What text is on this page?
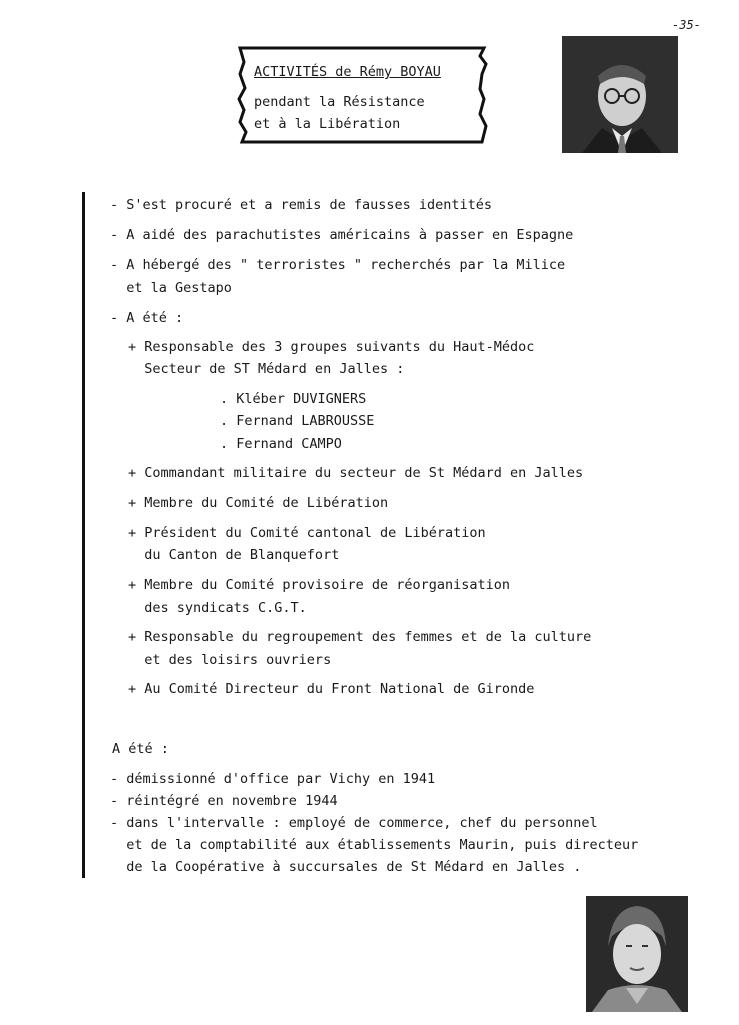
-35-
ACTIVITÉS de Rémy BOYAU
pendant la Résistance
et à la Libération
- S'est procuré et a remis de fausses identités
- A aidé des parachutistes américains à passer en Espagne
- A hébergé des " terroristes " recherchés par la Milice
et la Gestapo
- A été :
+ Responsable des 3 groupes suivants du Haut-Médoc
Secteur de ST Médard en Jalles :
. Kléber DUVIGNERS
. Fernand LABROUSSE
. Fernand CAMPO
+ Commandant militaire du secteur de St Médard en Jalles
+ Membre du Comité de Libération
+ Président du Comité cantonal de Libération
du Canton de Blanquefort
+ Membre du Comité provisoire de réorganisation
des syndicats C.G.T.
+ Responsable du regroupement des femmes et de la culture
et des loisirs ouvriers
+ Au Comité Directeur du Front National de Gironde
A été :
- démissionné d'office par Vichy en 1941
- réintégré en novembre 1944
- dans l'intervalle : employé de commerce, chef du personnel
et de la comptabilité aux établissements Maurin, puis directeur
de la Coopérative à succursales de St Médard en Jalles .
